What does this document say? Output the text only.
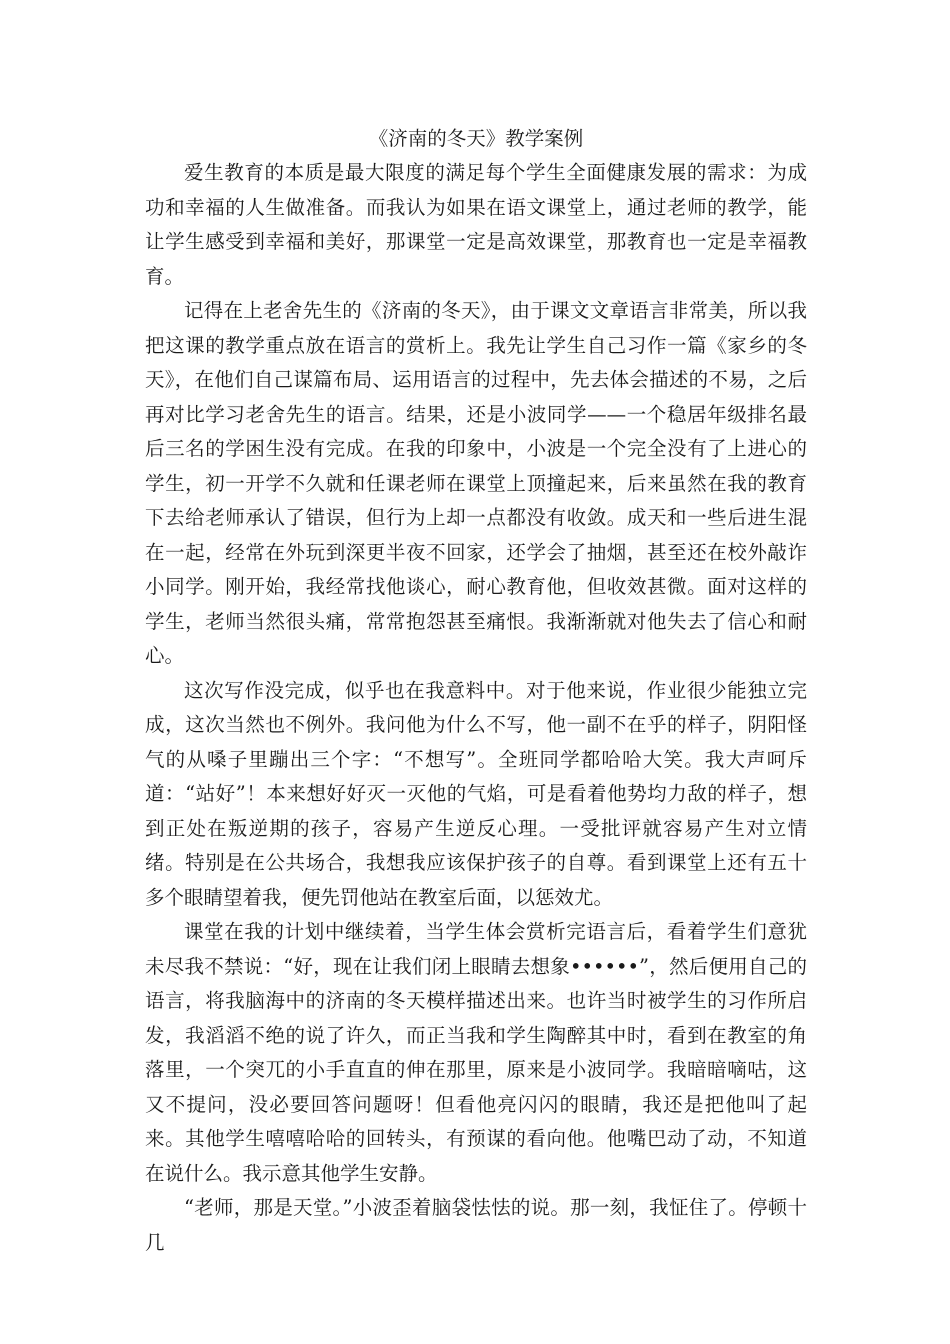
《济南的冬天》教学案例

爱生教育的本质是最大限度的满足每个学生全面健康发展的需求：为成功和幸福的人生做准备。而我认为如果在语文课堂上，通过老师的教学，能让学生感受到幸福和美好，那课堂一定是高效课堂，那教育也一定是幸福教育。

记得在上老舍先生的《济南的冬天》，由于课文文章语言非常美，所以我把这课的教学重点放在语言的赏析上。我先让学生自己习作一篇《家乡的冬天》，在他们自己谋篇布局、运用语言的过程中，先去体会描述的不易，之后再对比学习老舍先生的语言。结果，还是小波同学——一个稳居年级排名最后三名的学困生没有完成。在我的印象中，小波是一个完全没有了上进心的学生，初一开学不久就和任课老师在课堂上顶撞起来，后来虽然在我的教育下去给老师承认了错误，但行为上却一点都没有收敛。成天和一些后进生混在一起，经常在外玩到深更半夜不回家，还学会了抽烟，甚至还在校外敲诈小同学。刚开始，我经常找他谈心，耐心教育他，但收效甚微。面对这样的学生，老师当然很头痛，常常抱怨甚至痛恨。我渐渐就对他失去了信心和耐心。

这次写作没完成，似乎也在我意料中。对于他来说，作业很少能独立完成，这次当然也不例外。我问他为什么不写，他一副不在乎的样子，阴阳怪气的从嗓子里蹦出三个字：“不想写”。全班同学都哈哈大笑。我大声呵斥道：“站好”！本来想好好灭一灭他的气焰，可是看着他势均力敌的样子，想到正处在叛逆期的孩子，容易产生逆反心理。一受批评就容易产生对立情绪。特别是在公共场合，我想我应该保护孩子的自尊。看到课堂上还有五十多个眼睛望着我，便先罚他站在教室后面，以惩效尤。

课堂在我的计划中继续着，当学生体会赏析完语言后，看着学生们意犹未尽我不禁说：“好，现在让我们闭上眼睛去想象••••••”，然后便用自己的语言，将我脑海中的济南的冬天模样描述出来。也许当时被学生的习作所启发，我滔滔不绝的说了许久，而正当我和学生陶醉其中时，看到在教室的角落里，一个突兀的小手直直的伸在那里，原来是小波同学。我暗暗嘀咕，这又不提问，没必要回答问题呀！但看他亮闪闪的眼睛，我还是把他叫了起来。其他学生嘻嘻哈哈的回转头，有预谋的看向他。他嘴巴动了动，不知道在说什么。我示意其他学生安静。

“老师，那是天堂。”小波歪着脑袋怯怯的说。那一刻，我怔住了。停顿十几
